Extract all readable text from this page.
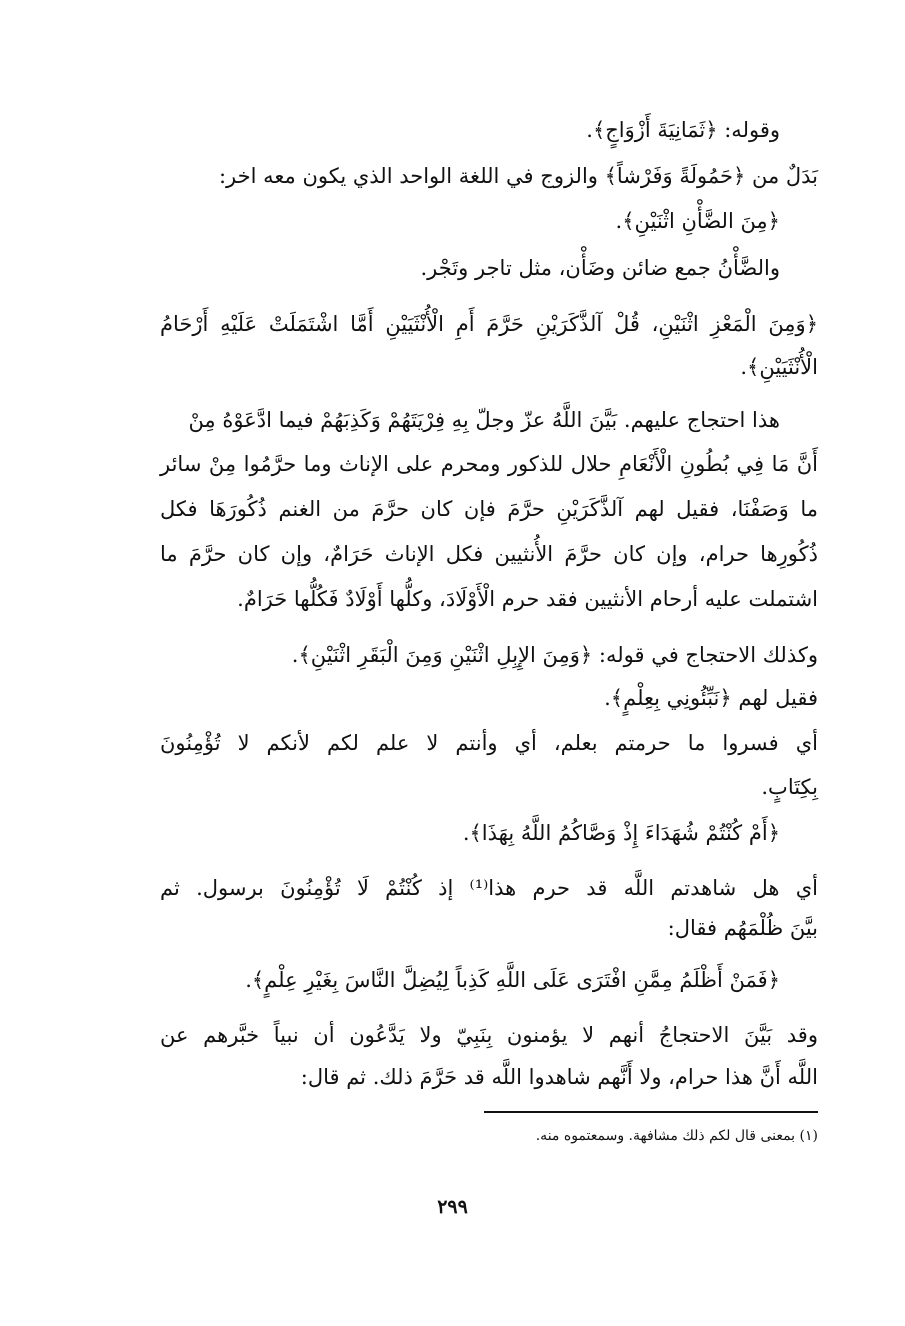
وقوله: ﴿ثَمَانِيَةَ أَزْوَاجٍ﴾.
بَدَلٌ من ﴿حَمُولَةً وَفَرْشاً﴾ والزوج في اللغة الواحد الذي يكون معه اخر:
﴿مِنَ الضَّأْنِ اثْنَيْنِ﴾.
والضَّأْنُ جمع ضائن وضَأْن، مثل تاجر وتَجْر.
﴿وَمِنَ الْمَعْزِ اثْنَيْنِ، قُلْ آلذَّكَرَيْنِ حَرَّمَ أَمِ الْأُنْثَيَيْنِ أَمَّا اشْتَمَلَتْ عَلَيْهِ أَرْحَامُ
الْأُنْثَيَيْنِ﴾.
هذا احتجاج عليهم. بَيَّنَ اللَّهُ عزّ وجلّ بِهِ فِرْيَتَهُمْ وَكَذِبَهُمْ فيما ادَّعَوْهُ مِنْ
أَنَّ مَا فِي بُطُونِ الْأَنْعَامِ حلال للذكور ومحرم على الإناث وما حرَّمُوا مِنْ سائر
ما وَصَفْنَا، فقيل لهم آلذَّكَرَيْنِ حرَّمَ فإن كان حرَّمَ من الغنم ذُكُورَهَا فكل
ذُكُورِها حرام، وإن كان حرَّمَ الأُنثيين فكل الإناث حَرَامٌ، وإن كان حرَّمَ ما
اشتملت عليه أرحام الأنثيين فقد حرم الْأَوْلَادَ، وكلُّها أَوْلَادٌ فَكُلُّها حَرَامٌ.
وكذلك الاحتجاج في قوله: ﴿وَمِنَ الإِبِلِ اثْنَيْنِ وَمِنَ الْبَقَرِ اثْنَيْنِ﴾.
فقيل لهم ﴿نَبِّئُونِي بِعِلْمٍ﴾.
أي فسروا ما حرمتم بعلم، أي وأنتم لا علم لكم لأنكم لا تُؤْمِنُونَ
بِكِتَابٍ.
﴿أَمْ كُنْتُمْ شُهَدَاءَ إِذْ وَصَّاكُمُ اللَّهُ بِهَذَا﴾.
أي هل شاهدتم اللَّه قد حرم هذا⁽¹⁾ إذ كُنْتُمْ لَا تُؤْمِنُونَ برسول. ثم
بيَّنَ ظُلْمَهُم فقال:
﴿فَمَنْ أَظْلَمُ مِمَّنِ افْتَرَى عَلَى اللَّهِ كَذِباً لِيُضِلَّ النَّاسَ بِغَيْرِ عِلْمٍ﴾.
وقد بَيَّنَ الاحتجاجُ أنهم لا يؤمنون بِنَبِيّ ولا يَدَّعُون أن نبياً خبَّرهم عن
اللَّه أَنَّ هذا حرام، ولا أَنَّهم شاهدوا اللَّه قد حَرَّمَ ذلك. ثم قال:
(١) بمعنى قال لكم ذلك مشافهة. وسمعتموه منه.
٢٩٩
